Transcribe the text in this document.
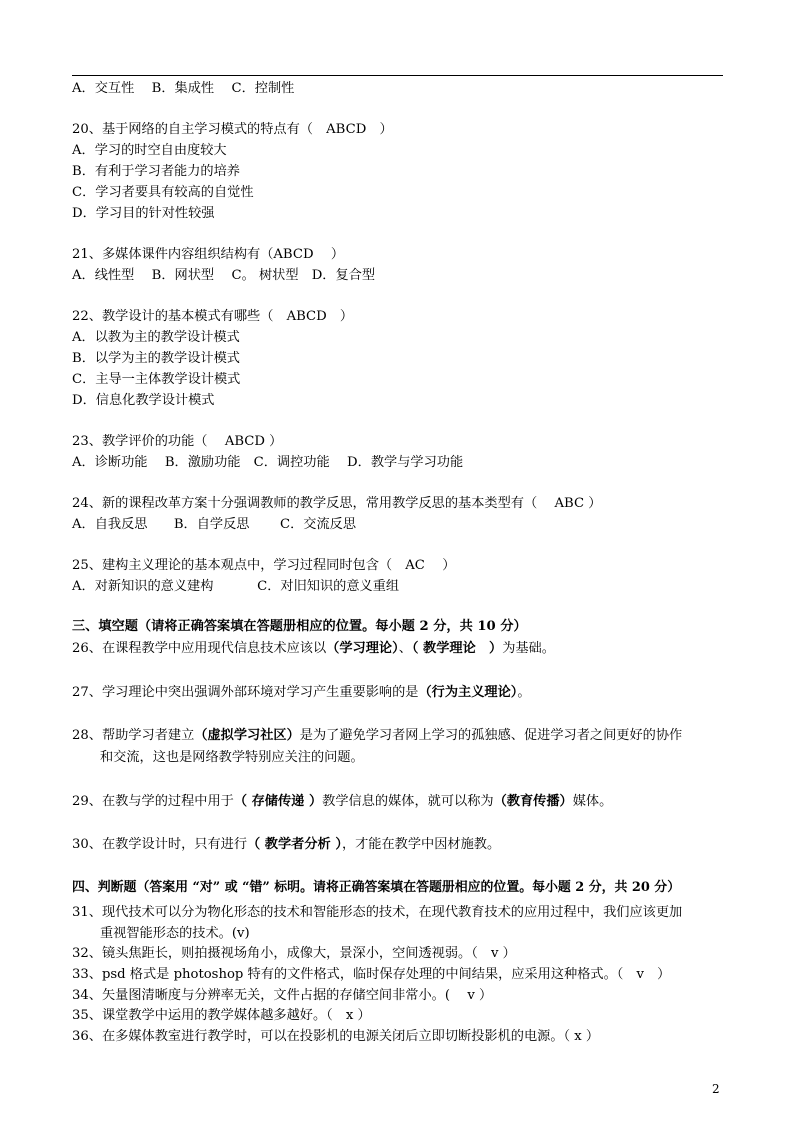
A．交互性　 B．集成性　 C．控制性
20、基于网络的自主学习模式的特点有（　ABCD　）
A．学习的时空自由度较大
B．有利于学习者能力的培养
C．学习者要具有较高的自觉性
D．学习目的针对性较强
21、多媒体课件内容组织结构有（ABCD　 ）
A．线性型　 B．网状型　 C。 树状型　D．复合型
22、教学设计的基本模式有哪些（　ABCD　）
A．以教为主的教学设计模式
B．以学为主的教学设计模式
C．主导一主体教学设计模式
D．信息化教学设计模式
23、教学评价的功能（　 ABCD ）
A．诊断功能　 B．激励功能　C．调控功能　 D．教学与学习功能
24、新的课程改革方案十分强调教师的教学反思，常用教学反思的基本类型有（　 ABC ）
A．自我反思　　B．自学反思　　 C．交流反思
25、建构主义理论的基本观点中，学习过程同时包含（　AC　 ）
A．对新知识的意义建构　　　 C．对旧知识的意义重组
三、填空题（请将正确答案填在答题册相应的位置。每小题 2 分，共 10 分）
26、在课程教学中应用现代信息技术应该以（学习理论）、（ 教学理论　）为基础。
27、学习理论中突出强调外部环境对学习产生重要影响的是（行为主义理论）。
28、帮助学习者建立（虚拟学习社区）是为了避免学习者网上学习的孤独感、促进学习者之间更好的协作
和交流，这也是网络教学特别应关注的问题。
29、在教与学的过程中用于（ 存储传递 ）教学信息的媒体，就可以称为（教育传播）媒体。
30、在教学设计时，只有进行（ 教学者分析 ），才能在教学中因材施教。
四、判断题（答案用 “对” 或 “错” 标明。请将正确答案填在答题册相应的位置。每小题 2 分，共 20 分）
31、现代技术可以分为物化形态的技术和智能形态的技术，在现代教育技术的应用过程中，我们应该更加
重视智能形态的技术。(v)
32、镜头焦距长，则拍摄视场角小，成像大，景深小，空间透视弱。（　v ）
33、psd 格式是 photoshop 特有的文件格式，临时保存处理的中间结果，应采用这种格式。（　v　）
34、矢量图清晰度与分辨率无关，文件占据的存储空间非常小。(　 v ）
35、课堂教学中运用的教学媒体越多越好。（　x ）
36、在多媒体教室进行教学时，可以在投影机的电源关闭后立即切断投影机的电源。（ x ）
2
